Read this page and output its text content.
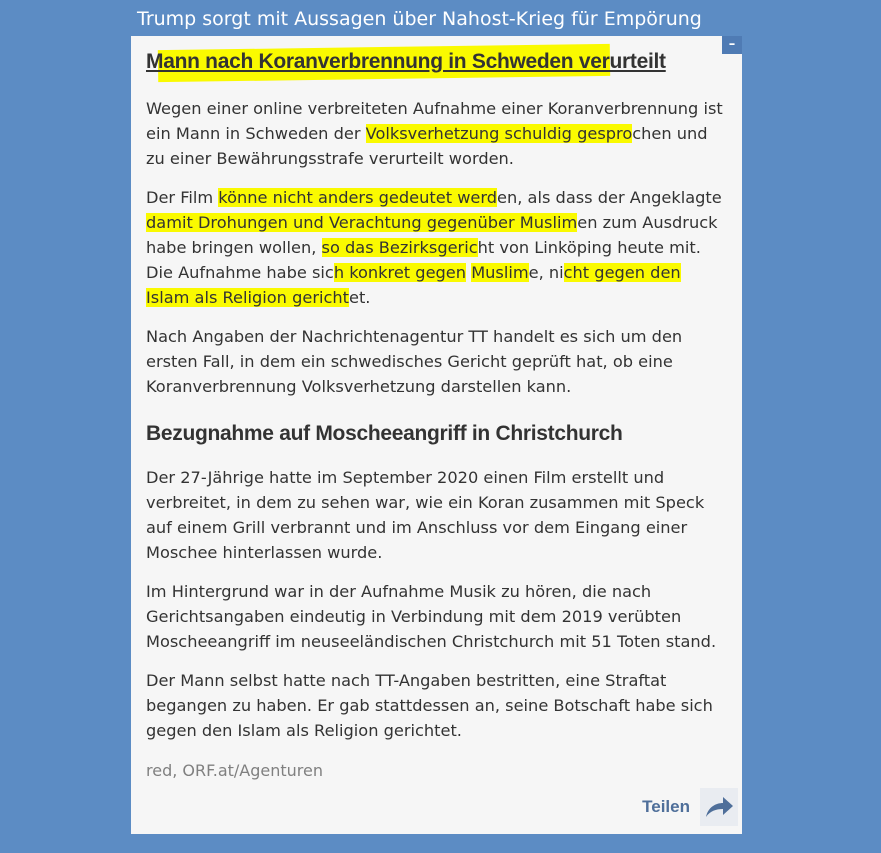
Trump sorgt mit Aussagen über Nahost-Krieg für Empörung
–
Mann nach Koranverbrennung in Schweden verurteilt

Wegen einer online verbreiteten Aufnahme einer Koranverbrennung ist ein Mann in Schweden der Volksverhetzung schuldig gesprochen und zu einer Bewährungsstrafe verurteilt worden.

Der Film könne nicht anders gedeutet werden, als dass der Angeklagte damit Drohungen und Verachtung gegenüber Muslimen zum Ausdruck habe bringen wollen, so das Bezirksgericht von Linköping heute mit. Die Aufnahme habe sich konkret gegen Muslime, nicht gegen den Islam als Religion gerichtet.

Nach Angaben der Nachrichtenagentur TT handelt es sich um den ersten Fall, in dem ein schwedisches Gericht geprüft hat, ob eine Koranverbrennung Volksverhetzung darstellen kann.

Bezugnahme auf Moscheeangriff in Christchurch

Der 27-Jährige hatte im September 2020 einen Film erstellt und verbreitet, in dem zu sehen war, wie ein Koran zusammen mit Speck auf einem Grill verbrannt und im Anschluss vor dem Eingang einer Moschee hinterlassen wurde.

Im Hintergrund war in der Aufnahme Musik zu hören, die nach Gerichtsangaben eindeutig in Verbindung mit dem 2019 verübten Moscheeangriff im neuseeländischen Christchurch mit 51 Toten stand.

Der Mann selbst hatte nach TT-Angaben bestritten, eine Straftat begangen zu haben. Er gab stattdessen an, seine Botschaft habe sich gegen den Islam als Religion gerichtet.

red, ORF.at/Agenturen
Teilen
